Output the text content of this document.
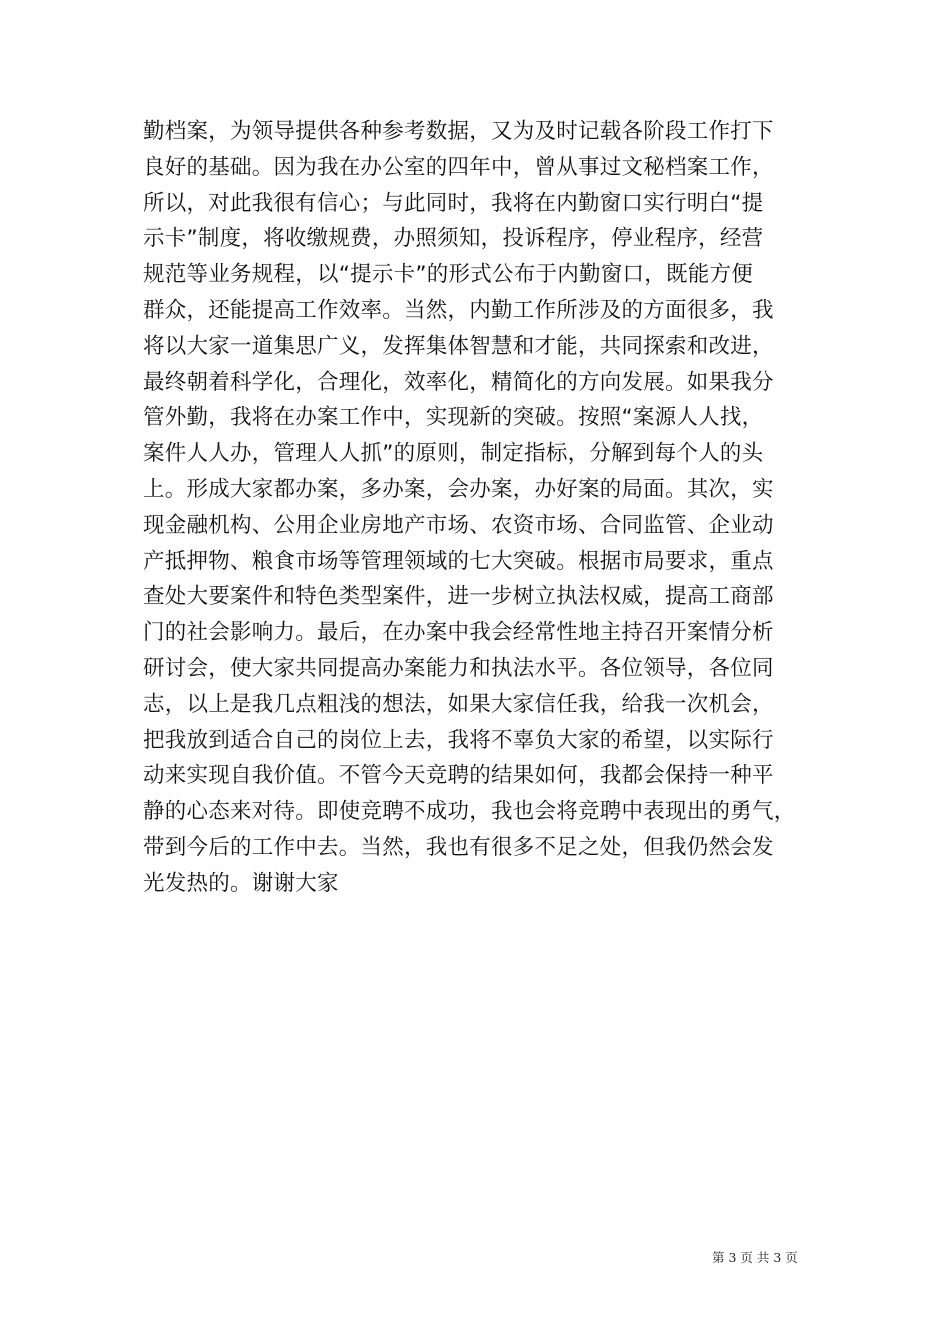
勤档案，为领导提供各种参考数据，又为及时记载各阶段工作打下
良好的基础。因为我在办公室的四年中，曾从事过文秘档案工作，
所以，对此我很有信心；与此同时，我将在内勤窗口实行明白“提
示卡”制度，将收缴规费，办照须知，投诉程序，停业程序，经营
规范等业务规程，以“提示卡”的形式公布于内勤窗口，既能方便
群众，还能提高工作效率。当然，内勤工作所涉及的方面很多，我
将以大家一道集思广义，发挥集体智慧和才能，共同探索和改进，
最终朝着科学化，合理化，效率化，精简化的方向发展。如果我分
管外勤，我将在办案工作中，实现新的突破。按照“案源人人找，
案件人人办，管理人人抓”的原则，制定指标，分解到每个人的头
上。形成大家都办案，多办案，会办案，办好案的局面。其次，实
现金融机构、公用企业房地产市场、农资市场、合同监管、企业动
产抵押物、粮食市场等管理领域的七大突破。根据市局要求，重点
查处大要案件和特色类型案件，进一步树立执法权威，提高工商部
门的社会影响力。最后，在办案中我会经常性地主持召开案情分析
研讨会，使大家共同提高办案能力和执法水平。各位领导，各位同
志，以上是我几点粗浅的想法，如果大家信任我，给我一次机会，
把我放到适合自己的岗位上去，我将不辜负大家的希望，以实际行
动来实现自我价值。不管今天竞聘的结果如何，我都会保持一种平
静的心态来对待。即使竞聘不成功，我也会将竞聘中表现出的勇气，
带到今后的工作中去。当然，我也有很多不足之处，但我仍然会发
光发热的。谢谢大家
第 3 页 共 3 页
